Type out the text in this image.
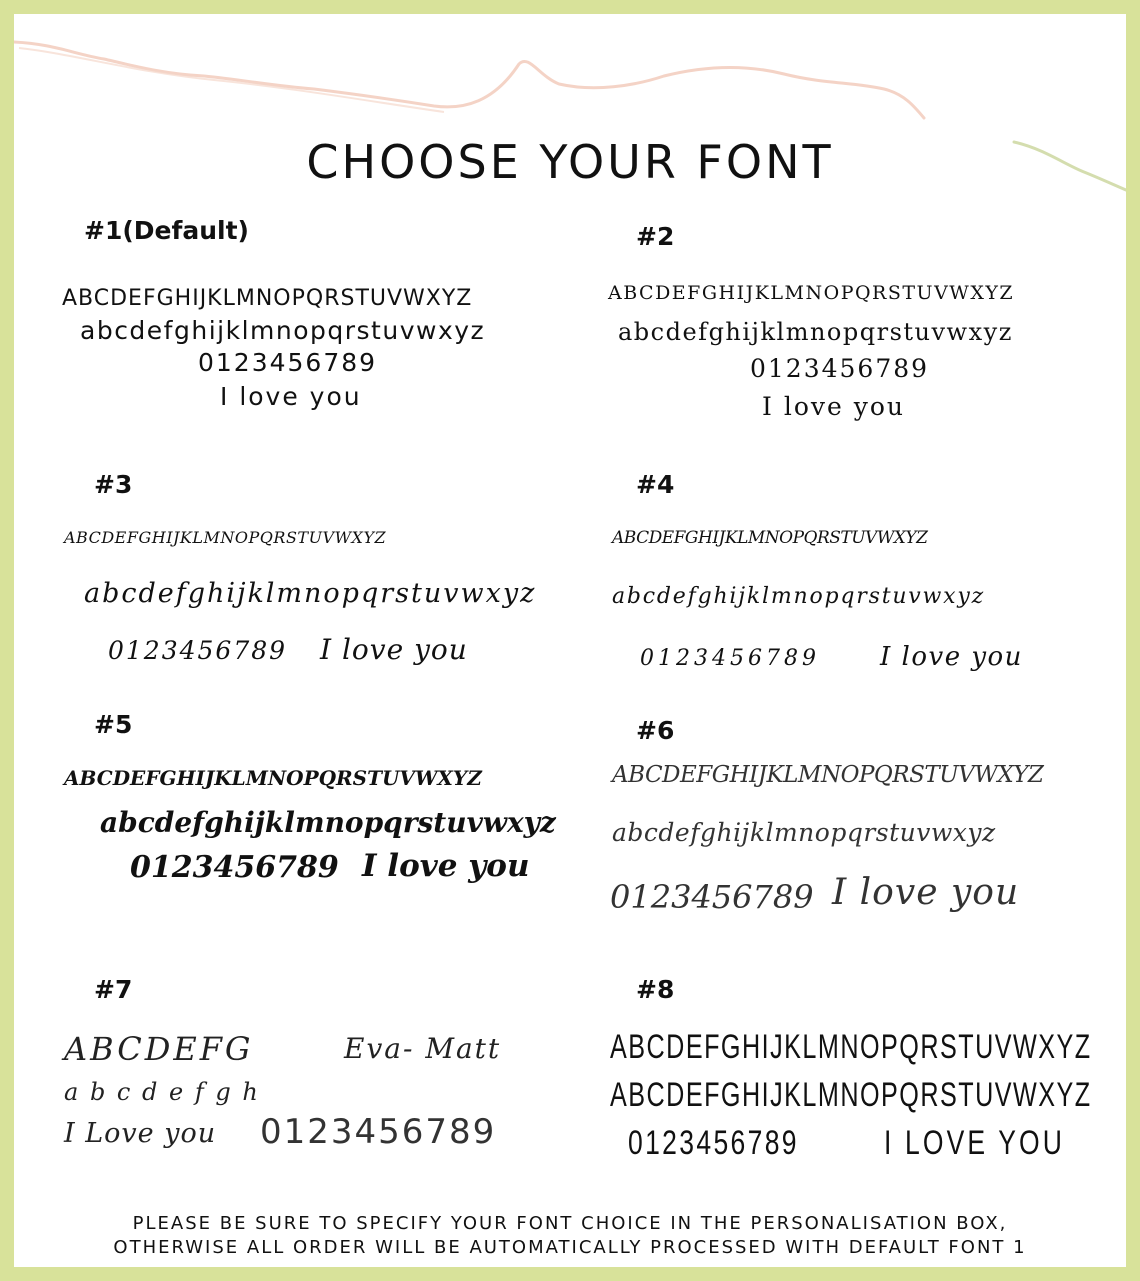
CHOOSE YOUR FONT
#1(Default)
ABCDEFGHIJKLMNOPQRSTUVWXYZ
abcdefghijklmnopqrstuvwxyz
0123456789
I love you
#2
ABCDEFGHIJKLMNOPQRSTUVWXYZ
abcdefghijklmnopqrstuvwxyz
0123456789
I love you
#3
ABCDEFGHIJKLMNOPQRSTUVWXYZ
abcdefghijklmnopqrstuvwxyz
0123456789 I love you
#4
ABCDEFGHIJKLMNOPQRSTUVWXYZ
abcdefghijklmnopqrstuvwxyz
0123456789 I love you
#5
ABCDEFGHIJKLMNOPQRSTUVWXYZ
abcdefghijklmnopqrstuvwxyz
0123456789 I love you
#6
ABCDEFGHIJKLMNOPQRSTUVWXYZ
abcdefghijklmnopqrstuvwxyz
0123456789 I love you
#7
ABCDEFG	Eva- Matt
a b c d e f g h
I Love you 0123456789
#8
ABCDEFGHIJKLMNOPQRSTUVWXYZ
ABCDEFGHIJKLMNOPQRSTUVWXYZ
0123456789	I LOVE YOU
PLEASE BE SURE TO SPECIFY YOUR FONT CHOICE IN THE PERSONALISATION BOX,
OTHERWISE ALL ORDER WILL BE AUTOMATICALLY PROCESSED WITH DEFAULT FONT 1
